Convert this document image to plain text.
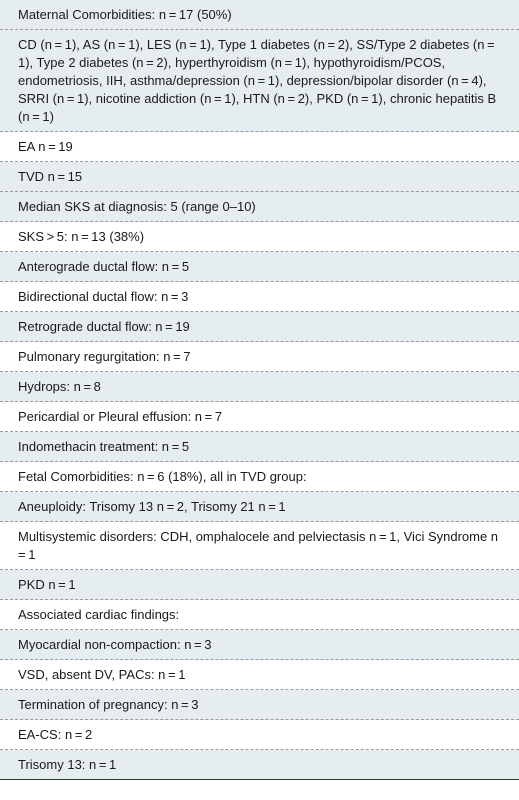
Maternal Comorbidities: n = 17 (50%)
CD (n = 1), AS (n = 1), LES (n = 1), Type 1 diabetes (n = 2), SS/Type 2 diabetes (n = 1), Type 2 diabetes (n = 2), hyperthyroidism (n = 1), hypothyroidism/PCOS, endometriosis, IIH, asthma/depression (n = 1), depression/bipolar disorder (n = 4), SRRI (n = 1), nicotine addiction (n = 1), HTN (n = 2), PKD (n = 1), chronic hepatitis B (n = 1)
EA n = 19
TVD n = 15
Median SKS at diagnosis: 5 (range 0–10)
SKS > 5: n = 13 (38%)
Anterograde ductal flow: n = 5
Bidirectional ductal flow: n = 3
Retrograde ductal flow: n = 19
Pulmonary regurgitation: n = 7
Hydrops: n = 8
Pericardial or Pleural effusion: n = 7
Indomethacin treatment: n = 5
Fetal Comorbidities: n = 6 (18%), all in TVD group:
Aneuploidy: Trisomy 13 n = 2, Trisomy 21 n = 1
Multisystemic disorders: CDH, omphalocele and pelviectasis n = 1, Vici Syndrome n = 1
PKD n = 1
Associated cardiac findings:
Myocardial non-compaction: n = 3
VSD, absent DV, PACs: n = 1
Termination of pregnancy: n = 3
EA-CS: n = 2
Trisomy 13: n = 1
